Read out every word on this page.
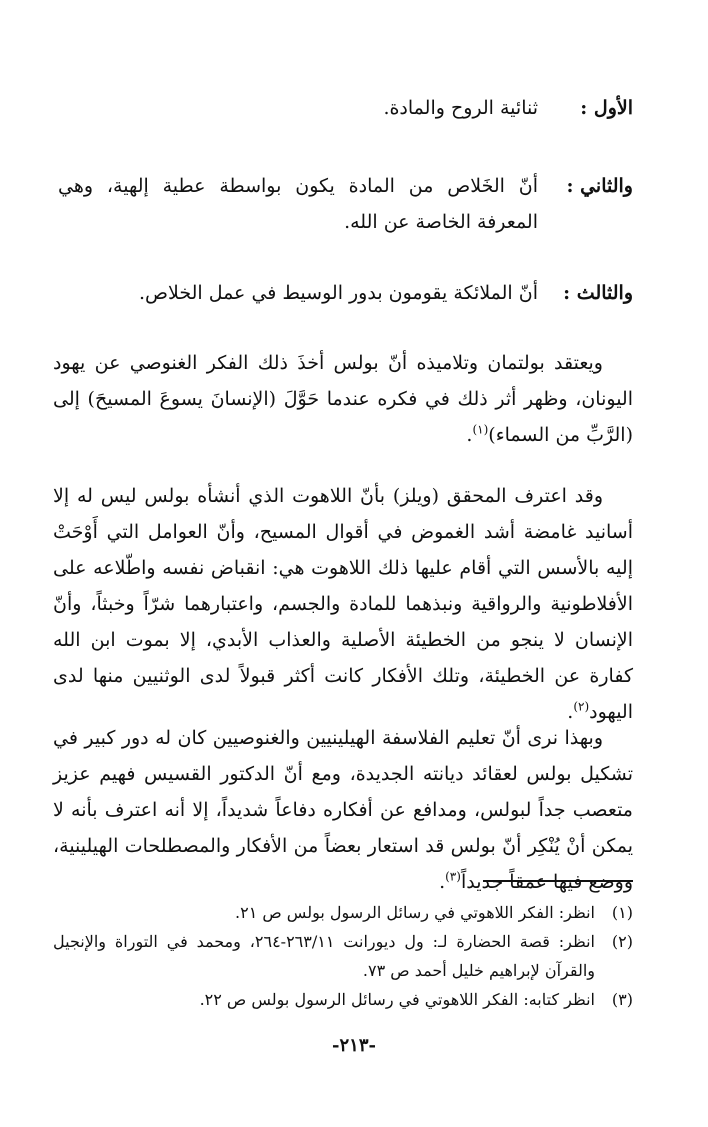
الأول :ثنائية الروح والمادة.
والثاني :أنّ الخَلاص من المادة يكون بواسطة عطية إلهية، وهي المعرفة الخاصة عن الله.
والثالث :أنّ الملائكة يقومون بدور الوسيط في عمل الخلاص.
ويعتقد بولتمان وتلاميذه أنّ بولس أخذَ ذلك الفكر الغنوصي عن يهود اليونان، وظهر أثر ذلك في فكره عندما حَوَّلَ (الإنسانَ يسوعَ المسيحَ) إلى (الرَّبِّ من السماء)$^{(١)}$.
وقد اعترف المحقق (ويلز) بأنّ اللاهوت الذي أنشأه بولس ليس له إلا أسانيد غامضة أشد الغموض في أقوال المسيح، وأنّ العوامل التي أَوْحَتْ إليه بالأسس التي أقام عليها ذلك اللاهوت هي: انقباض نفسه واطّلاعه على الأفلاطونية والرواقية ونبذهما للمادة والجسم، واعتبارهما شرّاً وخبثاً، وأنّ الإنسان لا ينجو من الخطيئة الأصلية والعذاب الأبدي، إلا بموت ابن الله كفارة عن الخطيئة، وتلك الأفكار كانت أكثر قبولاً لدى الوثنيين منها لدى اليهود$^{(٢)}$.
وبهذا نرى أنّ تعليم الفلاسفة الهيلينيين والغنوصيين كان له دور كبير في تشكيل بولس لعقائد ديانته الجديدة، ومع أنّ الدكتور القسيس فهيم عزيز متعصب جداً لبولس، ومدافع عن أفكاره دفاعاً شديداً، إلا أنه اعترف بأنه لا يمكن أنْ يُنْكِر أنّ بولس قد استعار بعضاً من الأفكار والمصطلحات الهيلينية، ووضع فيها عمقاً جديداً$^{(٣)}$.
(١)
انظر: الفكر اللاهوتي في رسائل الرسول بولس ص ٢١.
(٢)
انظر: قصة الحضارة لـ: ول ديورانت ٢٦٣/١١-٢٦٤، ومحمد في التوراة والإنجيل والقرآن لإبراهيم خليل أحمد ص ٧٣.
(٣)
انظر كتابه: الفكر اللاهوتي في رسائل الرسول بولس ص ٢٢.
-٢١٣-
